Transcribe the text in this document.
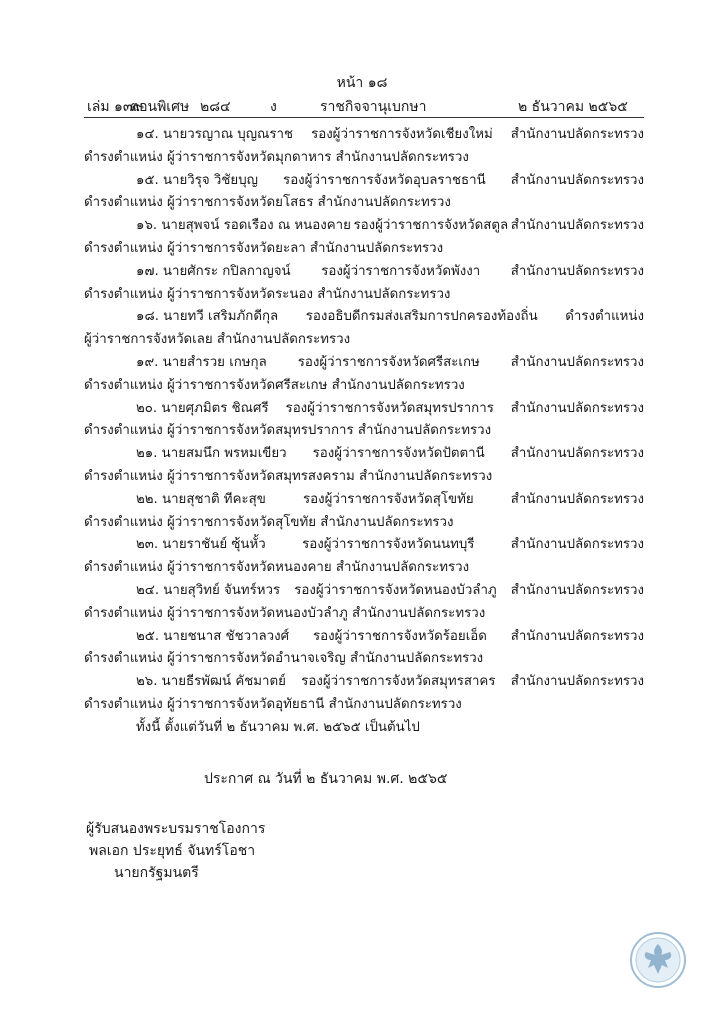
หน้า ๑๘
เล่ม ๑๓๙
ตอนพิเศษ ๒๘๔	ง	ราชกิจจานุเบกษา	๒ ธันวาคม ๒๕๖๕
๑๔. นายวรญาณ บุญณราช รองผู้ว่าราชการจังหวัดเชียงใหม่ สำนักงานปลัดกระทรวง
ดำรงตำแหน่ง ผู้ว่าราชการจังหวัดมุกดาหาร สำนักงานปลัดกระทรวง
๑๕. นายวิรุจ วิชัยบุญ รองผู้ว่าราชการจังหวัดอุบลราชธานี สำนักงานปลัดกระทรวง
ดำรงตำแหน่ง ผู้ว่าราชการจังหวัดยโสธร สำนักงานปลัดกระทรวง
๑๖. นายสุพจน์ รอดเรือง ณ หนองคาย รองผู้ว่าราชการจังหวัดสตูล สำนักงานปลัดกระทรวง
ดำรงตำแหน่ง ผู้ว่าราชการจังหวัดยะลา สำนักงานปลัดกระทรวง
๑๗. นายศักระ กปิลกาญจน์ รองผู้ว่าราชการจังหวัดพังงา สำนักงานปลัดกระทรวง
ดำรงตำแหน่ง ผู้ว่าราชการจังหวัดระนอง สำนักงานปลัดกระทรวง
๑๘. นายทวี เสริมภักดีกุล รองอธิบดีกรมส่งเสริมการปกครองท้องถิ่น ดำรงตำแหน่ง
ผู้ว่าราชการจังหวัดเลย สำนักงานปลัดกระทรวง
๑๙. นายสำรวย เกษกุล รองผู้ว่าราชการจังหวัดศรีสะเกษ สำนักงานปลัดกระทรวง
ดำรงตำแหน่ง ผู้ว่าราชการจังหวัดศรีสะเกษ สำนักงานปลัดกระทรวง
๒๐. นายศุภมิตร ชิณศรี รองผู้ว่าราชการจังหวัดสมุทรปราการ สำนักงานปลัดกระทรวง
ดำรงตำแหน่ง ผู้ว่าราชการจังหวัดสมุทรปราการ สำนักงานปลัดกระทรวง
๒๑. นายสมนึก พรหมเขียว รองผู้ว่าราชการจังหวัดปัตตานี สำนักงานปลัดกระทรวง
ดำรงตำแหน่ง ผู้ว่าราชการจังหวัดสมุทรสงคราม สำนักงานปลัดกระทรวง
๒๒. นายสุชาติ ทีคะสุข	รองผู้ว่าราชการจังหวัดสุโขทัย	สำนักงานปลัดกระทรวง
ดำรงตำแหน่ง ผู้ว่าราชการจังหวัดสุโขทัย สำนักงานปลัดกระทรวง
๒๓. นายราชันย์ ซุ้นหั้ว	รองผู้ว่าราชการจังหวัดนนทบุรี	สำนักงานปลัดกระทรวง
ดำรงตำแหน่ง ผู้ว่าราชการจังหวัดหนองคาย สำนักงานปลัดกระทรวง
๒๔. นายสุวิทย์ จันทร์หวร รองผู้ว่าราชการจังหวัดหนองบัวลำภู สำนักงานปลัดกระทรวง
ดำรงตำแหน่ง ผู้ว่าราชการจังหวัดหนองบัวลำภู สำนักงานปลัดกระทรวง
๒๕. นายชนาส ชัชวาลวงศ์ รองผู้ว่าราชการจังหวัดร้อยเอ็ด สำนักงานปลัดกระทรวง
ดำรงตำแหน่ง ผู้ว่าราชการจังหวัดอำนาจเจริญ สำนักงานปลัดกระทรวง
๒๖. นายธีรพัฒน์ คัชมาตย์ รองผู้ว่าราชการจังหวัดสมุทรสาคร สำนักงานปลัดกระทรวง
ดำรงตำแหน่ง ผู้ว่าราชการจังหวัดอุทัยธานี สำนักงานปลัดกระทรวง
ทั้งนี้ ตั้งแต่วันที่ ๒ ธันวาคม พ.ศ. ๒๕๖๕ เป็นต้นไป
ประกาศ ณ วันที่ ๒ ธันวาคม พ.ศ. ๒๕๖๕
ผู้รับสนองพระบรมราชโองการ
พลเอก ประยุทธ์ จันทร์โอชา
นายกรัฐมนตรี
